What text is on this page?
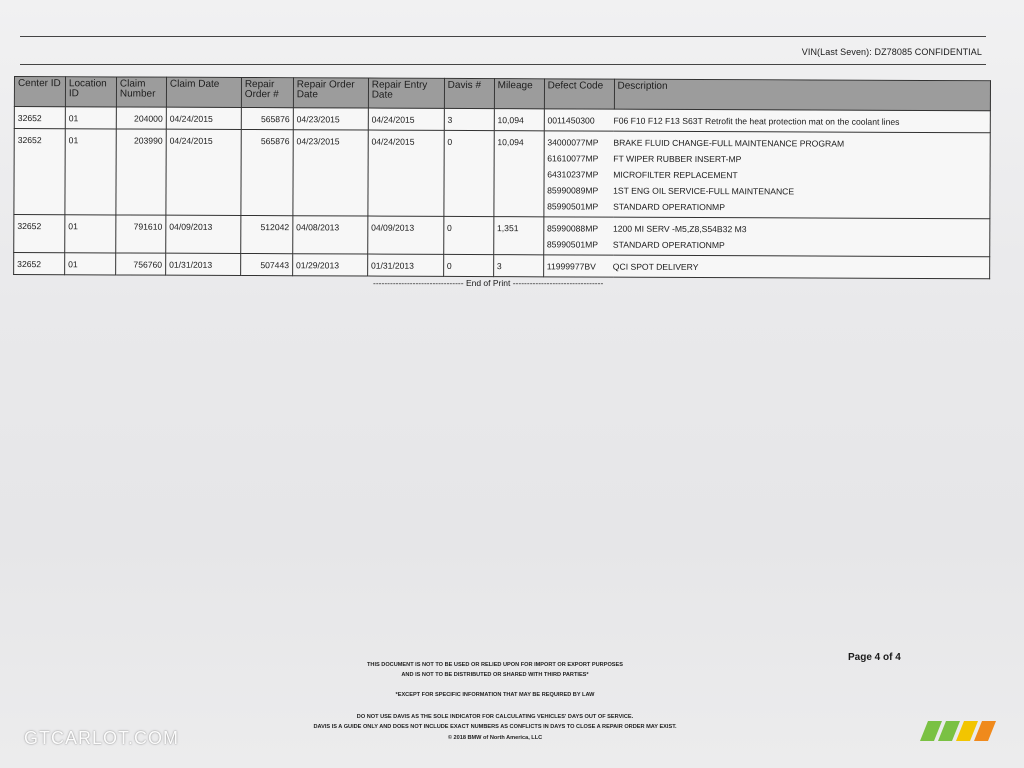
VIN(Last Seven): DZ78085 CONFIDENTIAL
Center ID	Location ID	Claim Number	Claim Date	Repair Order #	Repair Order Date	Repair Entry Date	Davis #	Mileage	Defect Code	Description
32652	01	204000	04/24/2015	565876	04/23/2015	04/24/2015	3	10,094	0011450300 F06 F10 F12 F13 S63T Retrofit the heat protection mat on the coolant lines	

32652	01	203990	04/24/2015	565876	04/23/2015	04/24/2015	0	10,094	34000077MP BRAKE FLUID CHANGE-FULL MAINTENANCE PROGRAM
61610077MP FT WIPER RUBBER INSERT-MP
64310237MP MICROFILTER REPLACEMENT
85990089MP 1ST ENG OIL SERVICE-FULL MAINTENANCE
85990501MP STANDARD OPERATIONMP	

32652	01	791610	04/09/2013	512042	04/08/2013	04/09/2013	0	1,351	85990088MP 1200 MI SERV -M5,Z8,S54B32 M3
85990501MP STANDARD OPERATIONMP	

32652	01	756760	01/31/2013	507443	01/29/2013	01/31/2013	0	3	11999977BV QCI SPOT DELIVERY	
-------------------------------- End of Print --------------------------------
Page 4 of 4
THIS DOCUMENT IS NOT TO BE USED OR RELIED UPON FOR IMPORT OR EXPORT PURPOSES
AND IS NOT TO BE DISTRIBUTED OR SHARED WITH THIRD PARTIES*
*EXCEPT FOR SPECIFIC INFORMATION THAT MAY BE REQUIRED BY LAW
DO NOT USE DAVIS AS THE SOLE INDICATOR FOR CALCULATING VEHICLES' DAYS OUT OF SERVICE.
DAVIS IS A GUIDE ONLY AND DOES NOT INCLUDE EXACT NUMBERS AS CONFLICTS IN DAYS TO CLOSE A REPAIR ORDER MAY EXIST.
© 2018 BMW of North America, LLC
GTCARLOT.COM
